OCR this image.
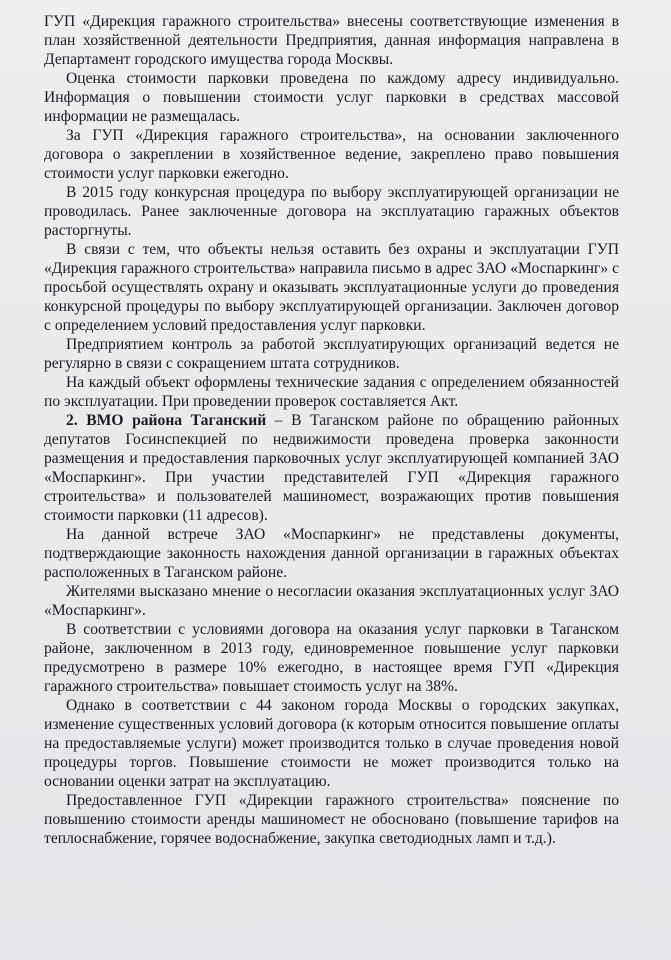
ГУП «Дирекция гаражного строительства» внесены соответствующие изменения в план хозяйственной деятельности Предприятия, данная информация направлена в Департамент городского имущества города Москвы.

Оценка стоимости парковки проведена по каждому адресу индивидуально. Информация о повышении стоимости услуг парковки в средствах массовой информации не размещалась.

За ГУП «Дирекция гаражного строительства», на основании заключенного договора о закреплении в хозяйственное ведение, закреплено право повышения стоимости услуг парковки ежегодно.

В 2015 году конкурсная процедура по выбору эксплуатирующей организации не проводилась. Ранее заключенные договора на эксплуатацию гаражных объектов расторгнуты.

В связи с тем, что объекты нельзя оставить без охраны и эксплуатации ГУП «Дирекция гаражного строительства» направила письмо в адрес ЗАО «Моспаркинг» с просьбой осуществлять охрану и оказывать эксплуатационные услуги до проведения конкурсной процедуры по выбору эксплуатирующей организации. Заключен договор с определением условий предоставления услуг парковки.

Предприятием контроль за работой эксплуатирующих организаций ведется не регулярно в связи с сокращением штата сотрудников.

На каждый объект оформлены технические задания с определением обязанностей по эксплуатации. При проведении проверок составляется Акт.

2. ВМО района Таганский – В Таганском районе по обращению районных депутатов Госинспекцией по недвижимости проведена проверка законности размещения и предоставления парковочных услуг эксплуатирующей компанией ЗАО «Моспаркинг». При участии представителей ГУП «Дирекция гаражного строительства» и пользователей машиномест, возражающих против повышения стоимости парковки (11 адресов).

На данной встрече ЗАО «Моспаркинг» не представлены документы, подтверждающие законность нахождения данной организации в гаражных объектах расположенных в Таганском районе.

Жителями высказано мнение о несогласии оказания эксплуатационных услуг ЗАО «Моспаркинг».

В соответствии с условиями договора на оказания услуг парковки в Таганском районе, заключенном в 2013 году, единовременное повышение услуг парковки предусмотрено в размере 10% ежегодно, в настоящее время ГУП «Дирекция гаражного строительства» повышает стоимость услуг на 38%.

Однако в соответствии с 44 законом города Москвы о городских закупках, изменение существенных условий договора (к которым относится повышение оплаты на предоставляемые услуги) может производится только в случае проведения новой процедуры торгов. Повышение стоимости не может производится только на основании оценки затрат на эксплуатацию.

Предоставленное ГУП «Дирекции гаражного строительства» пояснение по повышению стоимости аренды машиномест не обосновано (повышение тарифов на теплоснабжение, горячее водоснабжение, закупка светодиодных ламп и т.д.).
